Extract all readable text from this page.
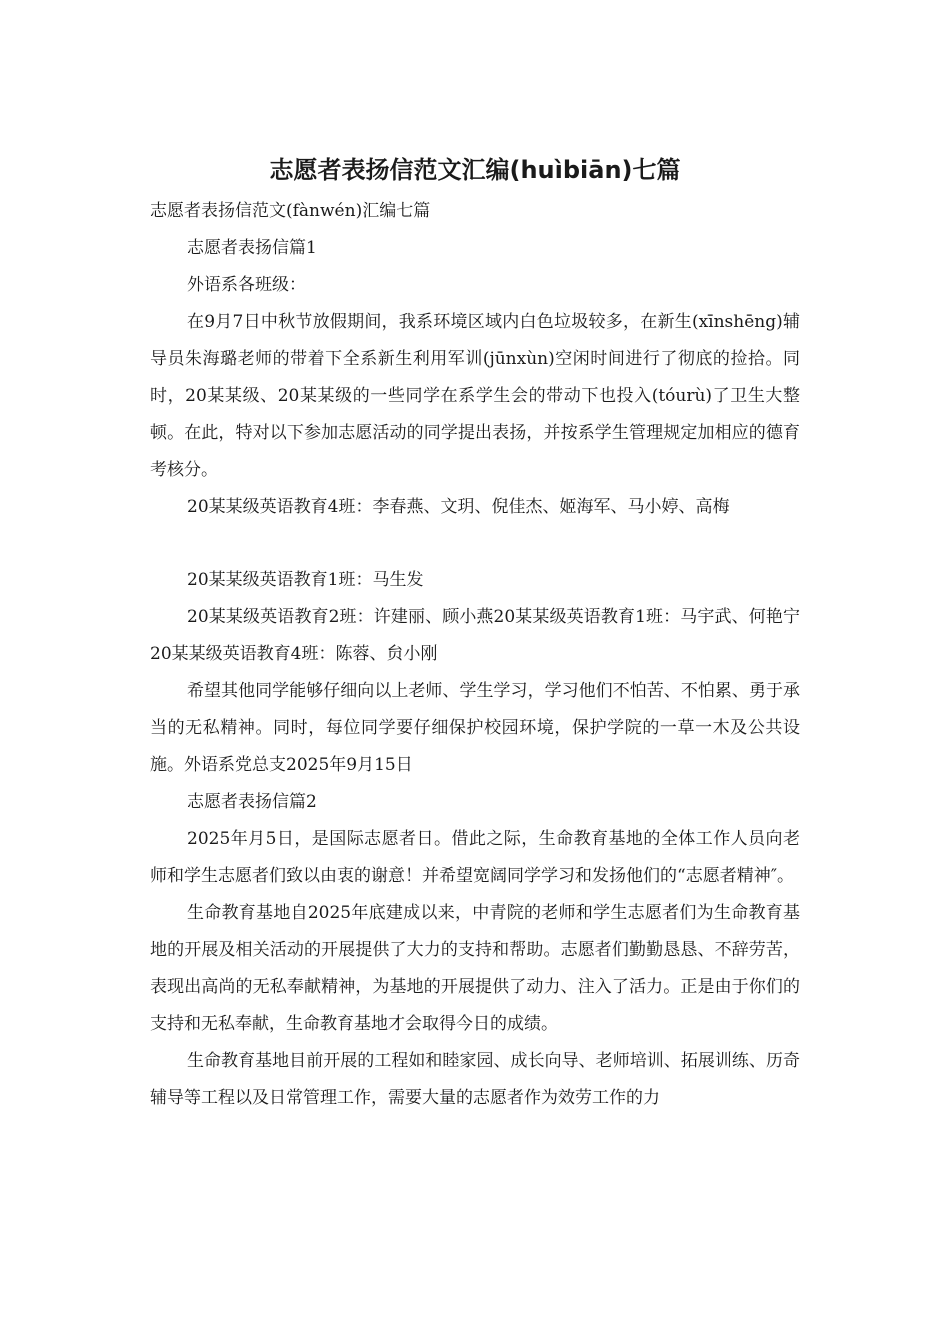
志愿者表扬信范文汇编(huìbiān)七篇

志愿者表扬信范文(fànwén)汇编七篇

志愿者表扬信篇1

外语系各班级：

在9月7日中秋节放假期间，我系环境区域内白色垃圾较多，在新生(xīnshēng)辅导员朱海璐老师的带着下全系新生利用军训(jūnxùn)空闲时间进行了彻底的捡拾。同时，20某某级、20某某级的一些同学在系学生会的带动下也投入(tóurù)了卫生大整顿。在此，特对以下参加志愿活动的同学提出表扬，并按系学生管理规定加相应的德育考核分。

20某某级英语教育4班：李春燕、文玥、倪佳杰、姬海军、马小婷、高梅

20某某级英语教育1班：马生发

20某某级英语教育2班：许建丽、顾小燕20某某级英语教育1班：马宇武、何艳宁20某某级英语教育4班：陈蓉、贠小刚

希望其他同学能够仔细向以上老师、学生学习，学习他们不怕苦、不怕累、勇于承当的无私精神。同时，每位同学要仔细保护校园环境，保护学院的一草一木及公共设施。外语系党总支2025年9月15日

志愿者表扬信篇2

2025年月5日，是国际志愿者日。借此之际，生命教育基地的全体工作人员向老师和学生志愿者们致以由衷的谢意！并希望宽阔同学学习和发扬他们的“志愿者精神″。

生命教育基地自2025年底建成以来，中青院的老师和学生志愿者们为生命教育基地的开展及相关活动的开展提供了大力的支持和帮助。志愿者们勤勤恳恳、不辞劳苦，表现出高尚的无私奉献精神，为基地的开展提供了动力、注入了活力。正是由于你们的支持和无私奉献，生命教育基地才会取得今日的成绩。

生命教育基地目前开展的工程如和睦家园、成长向导、老师培训、拓展训练、历奇辅导等工程以及日常管理工作，需要大量的志愿者作为效劳工作的力
